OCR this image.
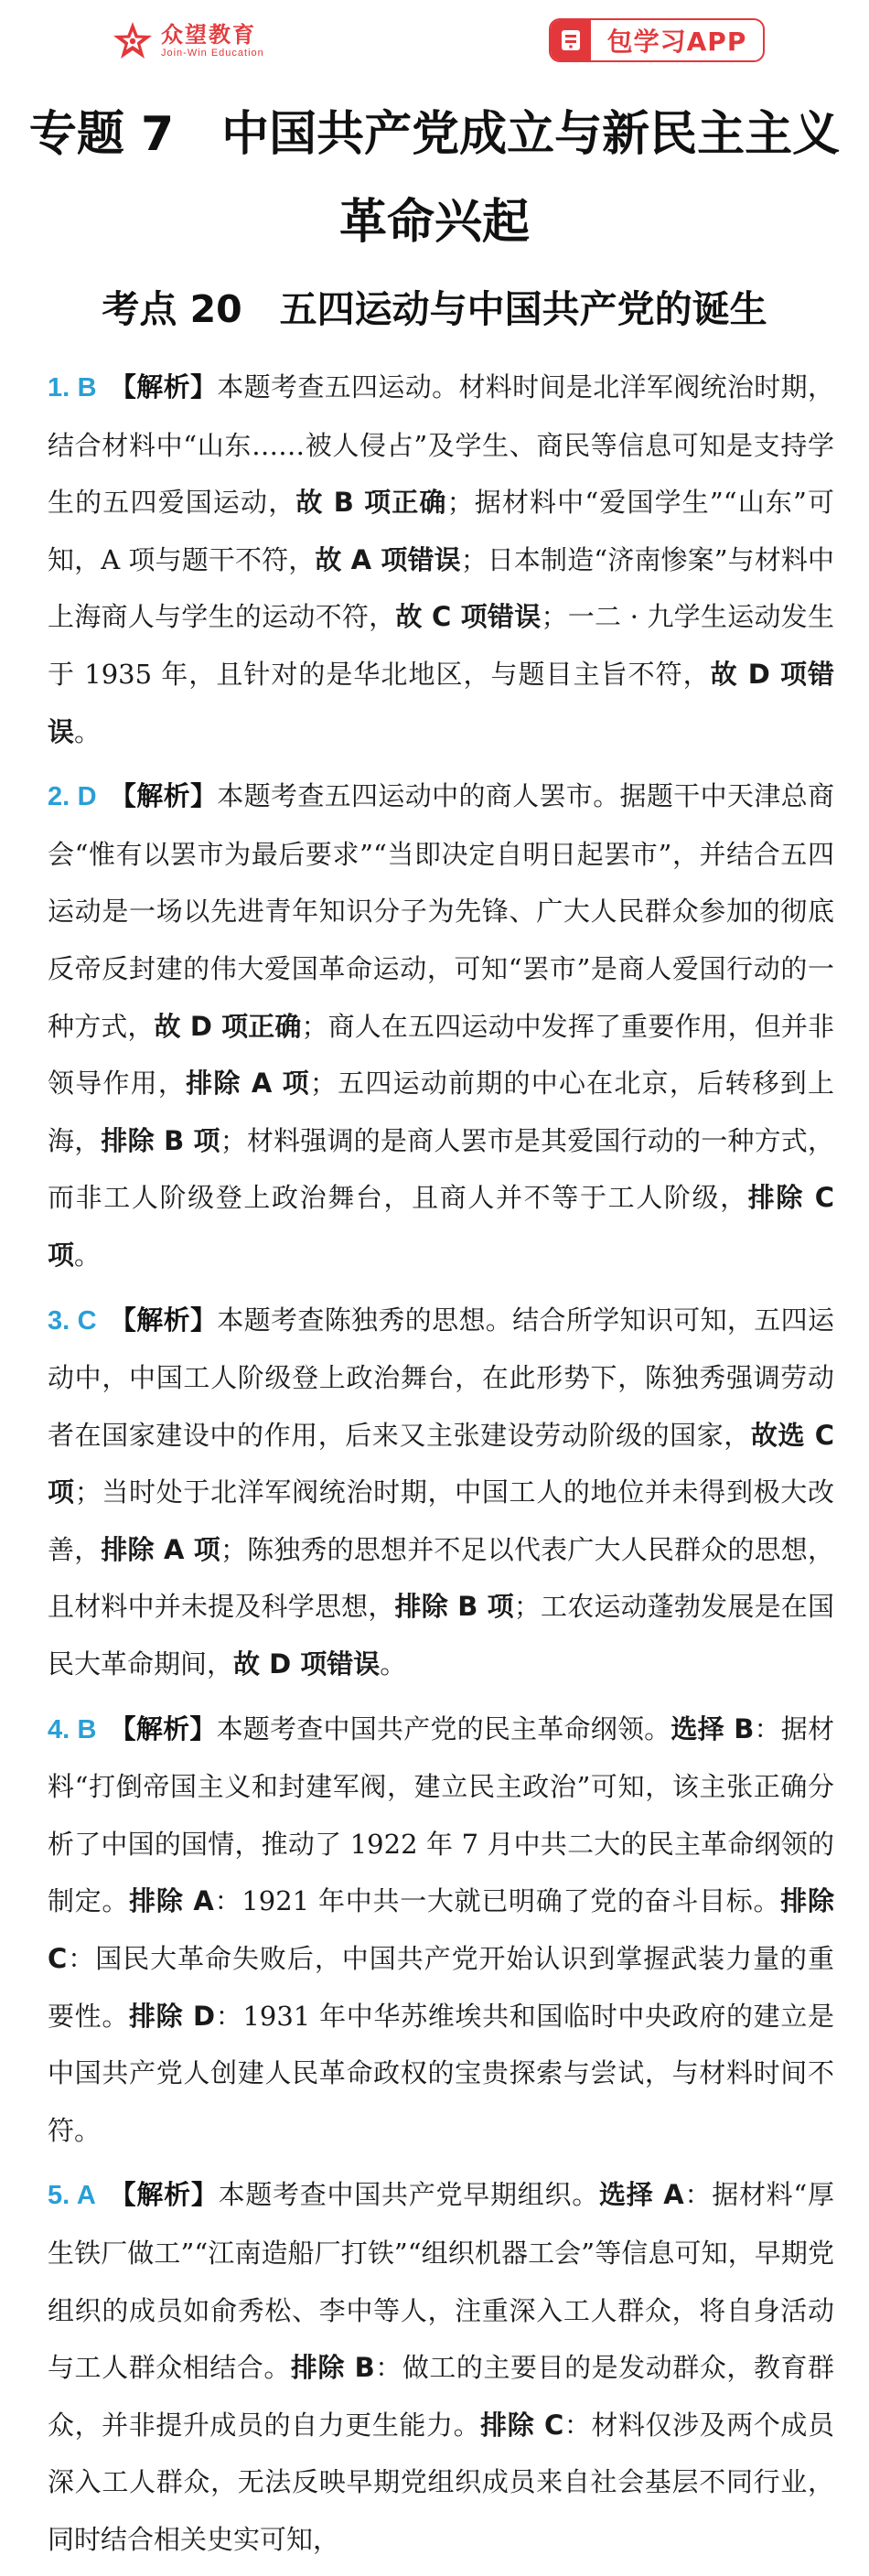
众望教育
Join-Win Education	包学习APP
专题 7　中国共产党成立与新民主主义
革命兴起
考点 20　五四运动与中国共产党的诞生

1. B 【解析】本题考查五四运动。材料时间是北洋军阀统治时期，结合材料中“山东……被人侵占”及学生、商民等信息可知是支持学生的五四爱国运动，故 B 项正确；据材料中“爱国学生”“山东”可知，A 项与题干不符，故 A 项错误；日本制造“济南惨案”与材料中上海商人与学生的运动不符，故 C 项错误；一二 · 九学生运动发生于 1935 年，且针对的是华北地区，与题目主旨不符，故 D 项错误。

2. D 【解析】本题考查五四运动中的商人罢市。据题干中天津总商会“惟有以罢市为最后要求”“当即决定自明日起罢市”，并结合五四运动是一场以先进青年知识分子为先锋、广大人民群众参加的彻底反帝反封建的伟大爱国革命运动，可知“罢市”是商人爱国行动的一种方式，故 D 项正确；商人在五四运动中发挥了重要作用，但并非领导作用，排除 A 项；五四运动前期的中心在北京，后转移到上海，排除 B 项；材料强调的是商人罢市是其爱国行动的一种方式，而非工人阶级登上政治舞台，且商人并不等于工人阶级，排除 C 项。

3. C 【解析】本题考查陈独秀的思想。结合所学知识可知，五四运动中，中国工人阶级登上政治舞台，在此形势下，陈独秀强调劳动者在国家建设中的作用，后来又主张建设劳动阶级的国家，故选 C 项；当时处于北洋军阀统治时期，中国工人的地位并未得到极大改善，排除 A 项；陈独秀的思想并不足以代表广大人民群众的思想，且材料中并未提及科学思想，排除 B 项；工农运动蓬勃发展是在国民大革命期间，故 D 项错误。

4. B 【解析】本题考查中国共产党的民主革命纲领。选择 B：据材料“打倒帝国主义和封建军阀，建立民主政治”可知，该主张正确分析了中国的国情，推动了 1922 年 7 月中共二大的民主革命纲领的制定。排除 A：1921 年中共一大就已明确了党的奋斗目标。排除 C：国民大革命失败后，中国共产党开始认识到掌握武装力量的重要性。排除 D：1931 年中华苏维埃共和国临时中央政府的建立是中国共产党人创建人民革命政权的宝贵探索与尝试，与材料时间不符。

5. A 【解析】本题考查中国共产党早期组织。选择 A：据材料“厚生铁厂做工”“江南造船厂打铁”“组织机器工会”等信息可知，早期党组织的成员如俞秀松、李中等人，注重深入工人群众，将自身活动与工人群众相结合。排除 B：做工的主要目的是发动群众，教育群众，并非提升成员的自力更生能力。排除 C：材料仅涉及两个成员深入工人群众，无法反映早期党组织成员来自社会基层不同行业，同时结合相关史实可知，
